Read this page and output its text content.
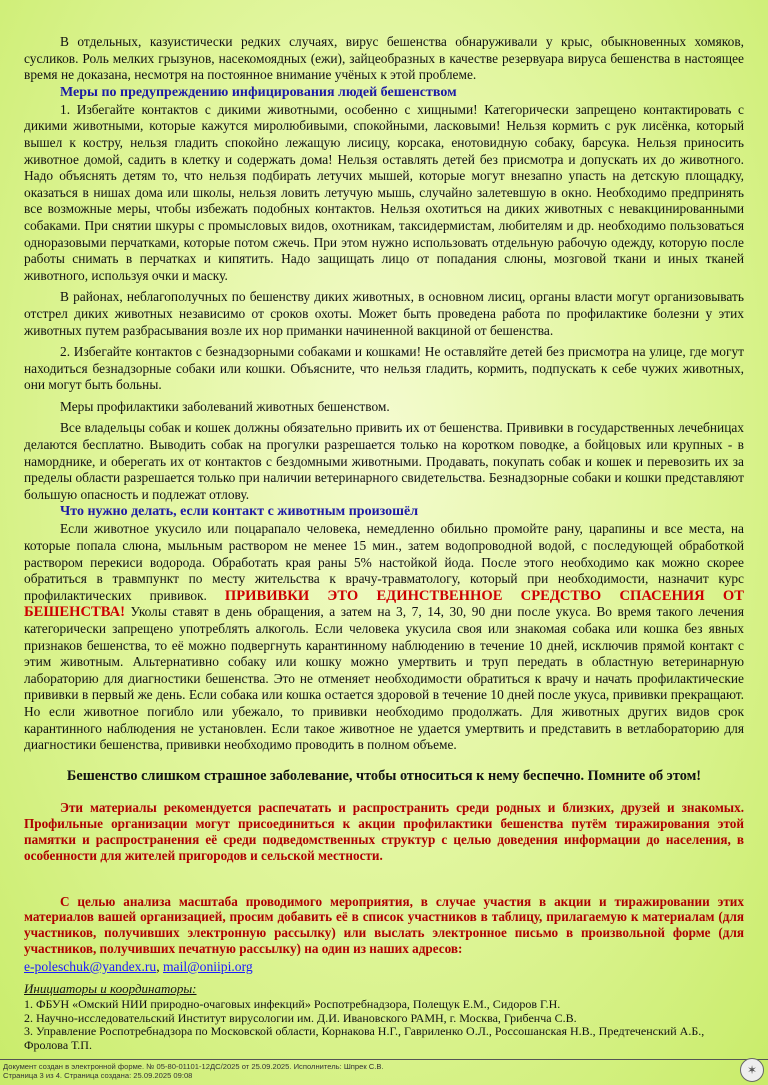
В отдельных, казуистически редких случаях, вирус бешенства обнаруживали у крыс, обыкновенных хомяков, сусликов. Роль мелких грызунов, насекомоядных (ежи), зайцеобразных в качестве резервуара вируса бешенства в настоящее время не доказана, несмотря на постоянное внимание учёных к этой проблеме.

Меры по предупреждению инфицирования людей бешенством

1. Избегайте контактов с дикими животными, особенно с хищными! Категорически запрещено контактировать с дикими животными, которые кажутся миролюбивыми, спокойными, ласковыми! Нельзя кормить с рук лисёнка, который вышел к костру, нельзя гладить спокойно лежащую лисицу, корсака, енотовидную собаку, барсука. Нельзя приносить животное домой, садить в клетку и содержать дома! Нельзя оставлять детей без присмотра и допускать их до животного. Надо объяснять детям то, что нельзя подбирать летучих мышей, которые могут внезапно упасть на детскую площадку, оказаться в нишах дома или школы, нельзя ловить летучую мышь, случайно залетевшую в окно. Необходимо предпринять все возможные меры, чтобы избежать подобных контактов. Нельзя охотиться на диких животных с невакцинированными собаками. При снятии шкуры с промысловых видов, охотникам, таксидермистам, любителям и др. необходимо пользоваться одноразовыми перчатками, которые потом сжечь. При этом нужно использовать отдельную рабочую одежду, которую после работы снимать в перчатках и кипятить. Надо защищать лицо от попадания слюны, мозговой ткани и иных тканей животного, используя очки и маску.

В районах, неблагополучных по бешенству диких животных, в основном лисиц, органы власти могут организовывать отстрел диких животных независимо от сроков охоты. Может быть проведена работа по профилактике болезни у этих животных путем разбрасывания возле их нор приманки начиненной вакциной от бешенства.

2. Избегайте контактов с безнадзорными собаками и кошками! Не оставляйте детей без присмотра на улице, где могут находиться безнадзорные собаки или кошки. Объясните, что нельзя гладить, кормить, подпускать к себе чужих животных, они могут быть больны.

Меры профилактики заболеваний животных бешенством.

Все владельцы собак и кошек должны обязательно привить их от бешенства. Прививки в государственных лечебницах делаются бесплатно. Выводить собак на прогулки разрешается только на коротком поводке, а бойцовых или крупных - в наморднике, и оберегать их от контактов с бездомными животными. Продавать, покупать собак и кошек и перевозить их за пределы области разрешается только при наличии ветеринарного свидетельства. Безнадзорные собаки и кошки представляют большую опасность и подлежат отлову.

Что нужно делать, если контакт с животным произошёл

Если животное укусило или поцарапало человека, немедленно обильно промойте рану, царапины и все места, на которые попала слюна, мыльным раствором не менее 15 мин., затем водопроводной водой, с последующей обработкой раствором перекиси водорода. Обработать края раны 5% настойкой йода. После этого необходимо как можно скорее обратиться в травмпункт по месту жительства к врачу-травматологу, который при необходимости, назначит курс профилактических прививок. ПРИВИВКИ ЭТО ЕДИНСТВЕННОЕ СРЕДСТВО СПАСЕНИЯ ОТ БЕШЕНСТВА! Уколы ставят в день обращения, а затем на 3, 7, 14, 30, 90 дни после укуса. Во время такого лечения категорически запрещено употреблять алкоголь. Если человека укусила своя или знакомая собака или кошка без явных признаков бешенства, то её можно подвергнуть карантинному наблюдению в течение 10 дней, исключив прямой контакт с этим животным. Альтернативно собаку или кошку можно умертвить и труп передать в областную ветеринарную лабораторию для диагностики бешенства. Это не отменяет необходимости обратиться к врачу и начать профилактические прививки в первый же день. Если собака или кошка остается здоровой в течение 10 дней после укуса, прививки прекращают. Но если животное погибло или убежало, то прививки необходимо продолжать. Для животных других видов срок карантинного наблюдения не установлен. Если такое животное не удается умертвить и представить в ветлабораторию для диагностики бешенства, прививки необходимо проводить в полном объеме.

Бешенство слишком страшное заболевание, чтобы относиться к нему беспечно. Помните об этом!

Эти материалы рекомендуется распечатать и распространить среди родных и близких, друзей и знакомых. Профильные организации могут присоединиться к акции профилактики бешенства путём тиражирования этой памятки и распространения её среди подведомственных структур с целью доведения информации до населения, в особенности для жителей пригородов и сельской местности.

С целью анализа масштаба проводимого мероприятия, в случае участия в акции и тиражировании этих материалов вашей организацией, просим добавить её в список участников в таблицу, прилагаемую к материалам (для участников, получивших электронную рассылку) или выслать электронное письмо в произвольной форме (для участников, получивших печатную рассылку) на один из наших адресов:

e-poleschuk@yandex.ru, mail@oniipi.org

Инициаторы и координаторы:

1. ФБУН «Омский НИИ природно-очаговых инфекций» Роспотребнадзора, Полещук Е.М., Сидоров Г.Н.
2. Научно-исследовательский Институт вирусологии им. Д.И. Ивановского РАМН, г. Москва, Грибенча С.В.
3. Управление Роспотребнадзора по Московской области, Корнакова Н.Г., Гавриленко О.Л., Россошанская Н.В., Предтеченский А.Б., Фролова Т.П.
Документ создан в электронной форме. № 05-80-01101-12ДС/2025 от 25.09.2025. Исполнитель: Шпрек С.В.
Страница 3 из 4. Страница создана: 25.09.2025 09:08	✶
